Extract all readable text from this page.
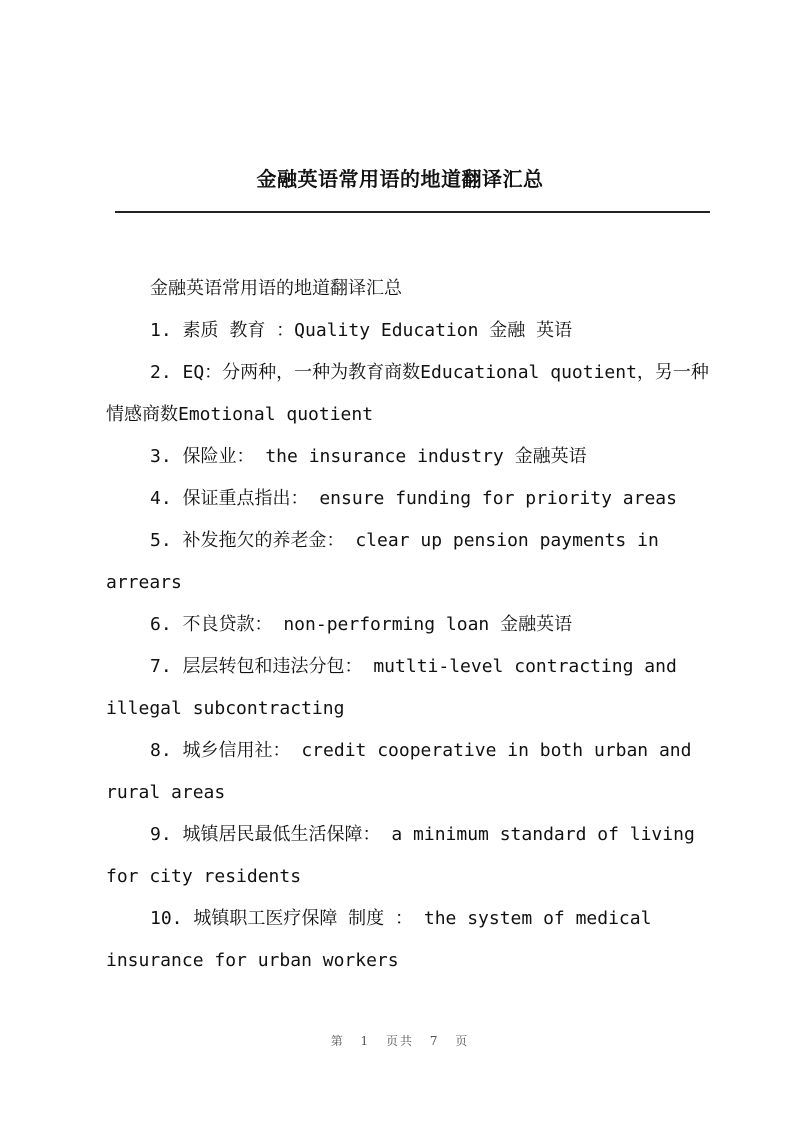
金融英语常用语的地道翻译汇总

金融英语常用语的地道翻译汇总

1. 素质 教育 ：Quality Education 金融 英语

2. EQ：分两种，一种为教育商数Educational quotient，另一种情感商数Emotional quotient

3. 保险业： the insurance industry 金融英语

4. 保证重点指出： ensure funding for priority areas

5. 补发拖欠的养老金： clear up pension payments in arrears

6. 不良贷款： non-performing loan 金融英语

7. 层层转包和违法分包： mutlti-level contracting and illegal subcontracting

8. 城乡信用社： credit cooperative in both urban and rural areas

9. 城镇居民最低生活保障： a minimum standard of living for city residents

10. 城镇职工医疗保障 制度 ： the system of medical insurance for urban workers

第 1 页共 7 页
